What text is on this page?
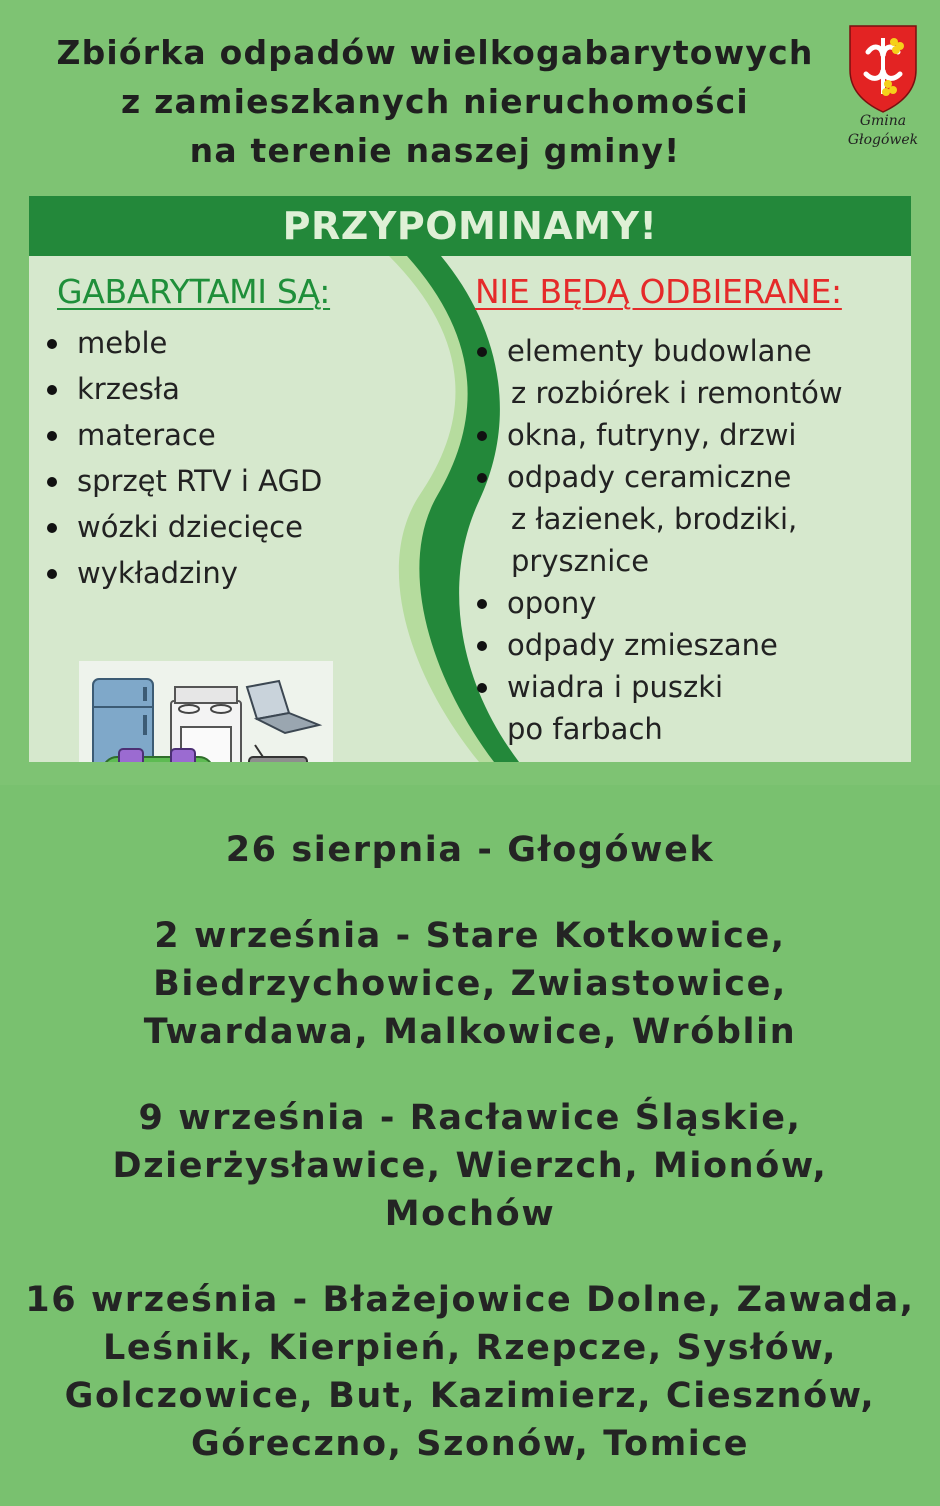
Zbiórka odpadów wielkogabarytowych
z zamieszkanych nieruchomości
na terenie naszej gminy!
Gmina
Głogówek
PRZYPOMINAMY!
GABARYTAMI SĄ:
meble
krzesła
materace
sprzęt RTV i AGD
wózki dziecięce
wykładziny
NIE BĘDĄ ODBIERANE:
elementy budowlane
z rozbiórek i remontów
okna, futryny, drzwi
odpady ceramiczne
z łazienek, brodziki,
prysznice
opony
odpady zmieszane
wiadra i puszki
po farbach
26 sierpnia - Głogówek
2 września - Stare Kotkowice,
Biedrzychowice, Zwiastowice,
Twardawa, Malkowice, Wróblin
9 września - Racławice Śląskie,
Dzierżysławice, Wierzch, Mionów,
Mochów
16 września - Błażejowice Dolne, Zawada,
Leśnik, Kierpień, Rzepcze, Sysłów,
Golczowice, But, Kazimierz, Ciesznów,
Góreczno, Szonów, Tomice
